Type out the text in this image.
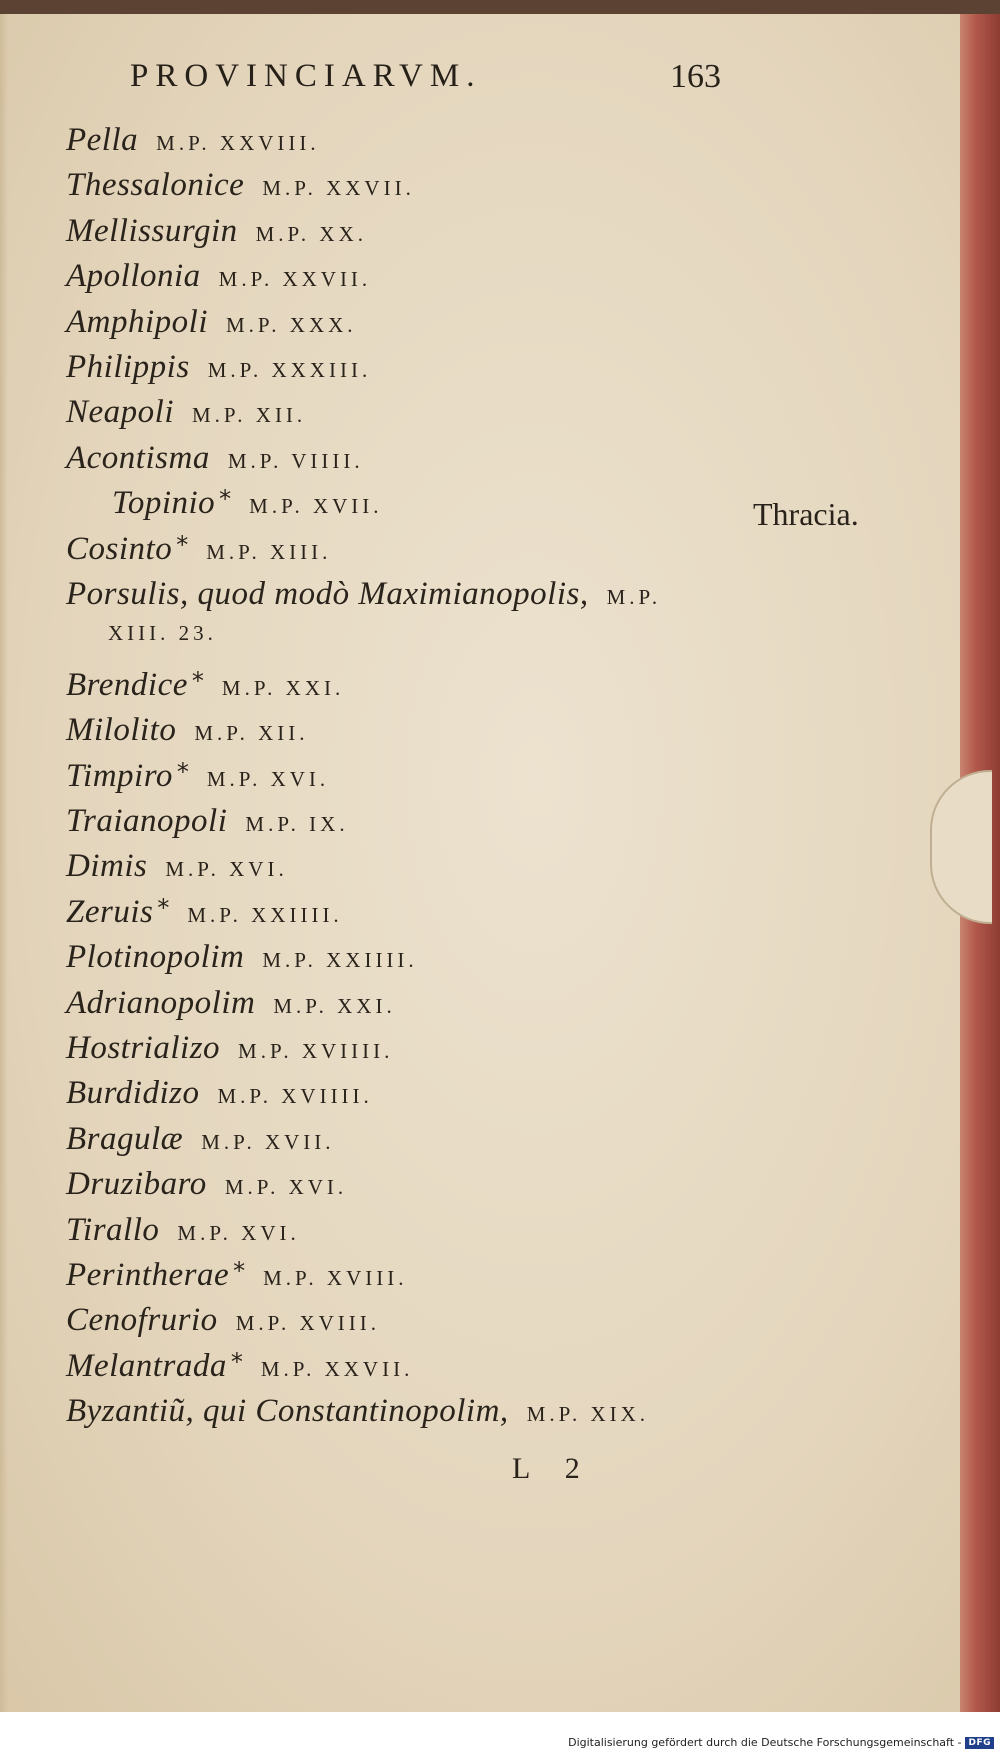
PROVINCIARVM.	163
Pella M.P. XXVIII.
Thessalonice M.P. XXVII.
Mellissurgin M.P. XX.
Apollonia M.P. XXVII.
Amphipoli M.P. XXX.
Philippis M.P. XXXIII.
Neapoli M.P. XII.
Acontisma M.P. VIIII.
Topinio * M.P. XVII.
Cosinto * M.P. XIII.
Porsulis, quod modò Maximianopolis, M.P.
XIII. 23.
Brendice * M.P. XXI.
Milolito M.P. XII.
Timpiro * M.P. XVI.
Traianopoli M.P. IX.
Dimis M.P. XVI.
Zeruis * M.P. XXIIII.
Plotinopolim M.P. XXIIII.
Adrianopolim M.P. XXI.
Hostrializo M.P. XVIIII.
Burdidizo M.P. XVIIII.
Bragulæ M.P. XVII.
Druzibaro M.P. XVI.
Tirallo M.P. XVI.
Perintherae * M.P. XVIII.
Cenofrurio M.P. XVIII.
Melantrada * M.P. XXVII.
Byzantiũ, qui Constantinopolim, M.P. XIX.
Thracia.
L 2
Digitalisierung gefördert durch die Deutsche Forschungsgemeinschaft - DFG
